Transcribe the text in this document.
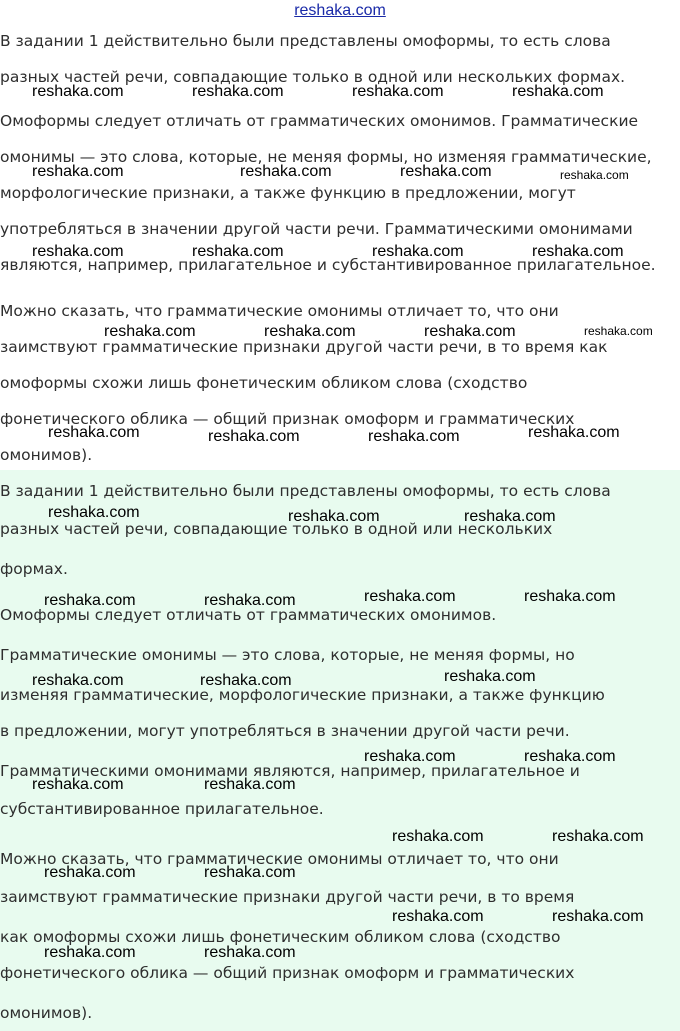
reshaka.com
В задании 1 действительно были представлены омоформы, то есть слова
разных частей речи, совпадающие только в одной или нескольких формах.
Омоформы следует отличать от грамматических омонимов. Грамматические
омонимы — это слова, которые, не меняя формы, но изменяя грамматические,
морфологические признаки, а также функцию в предложении, могут
употребляться в значении другой части речи. Грамматическими омонимами
являются, например, прилагательное и субстантивированное прилагательное.
Можно сказать, что грамматические омонимы отличает то, что они
заимствуют грамматические признаки другой части речи, в то время как
омоформы схожи лишь фонетическим обликом слова (сходство
фонетического облика — общий признак омоформ и грамматических
омонимов).
В задании 1 действительно были представлены омоформы, то есть слова
разных частей речи, совпадающие только в одной или нескольких
формах.
Омоформы следует отличать от грамматических омонимов.
Грамматические омонимы — это слова, которые, не меняя формы, но
изменяя грамматические, морфологические признаки, а также функцию
в предложении, могут употребляться в значении другой части речи.
Грамматическими омонимами являются, например, прилагательное и
субстантивированное прилагательное.
Можно сказать, что грамматические омонимы отличает то, что они
заимствуют грамматические признаки другой части речи, в то время
как омоформы схожи лишь фонетическим обликом слова (сходство
фонетического облика — общий признак омоформ и грамматических
омонимов).
reshaka.com	reshaka.com	reshaka.com	reshaka.com
reshaka.com	reshaka.com	reshaka.com	reshaka.com
reshaka.com	reshaka.com	reshaka.com	reshaka.com
reshaka.com	reshaka.com	reshaka.com	reshaka.com
reshaka.com	reshaka.com	reshaka.com	reshaka.com
reshaka.com	reshaka.com	reshaka.com
reshaka.com	reshaka.com	reshaka.com	reshaka.com
reshaka.com	reshaka.com	reshaka.com
reshaka.com	reshaka.com
reshaka.com	reshaka.com
reshaka.com	reshaka.com
reshaka.com	reshaka.com
reshaka.com	reshaka.com
reshaka.com	reshaka.com
